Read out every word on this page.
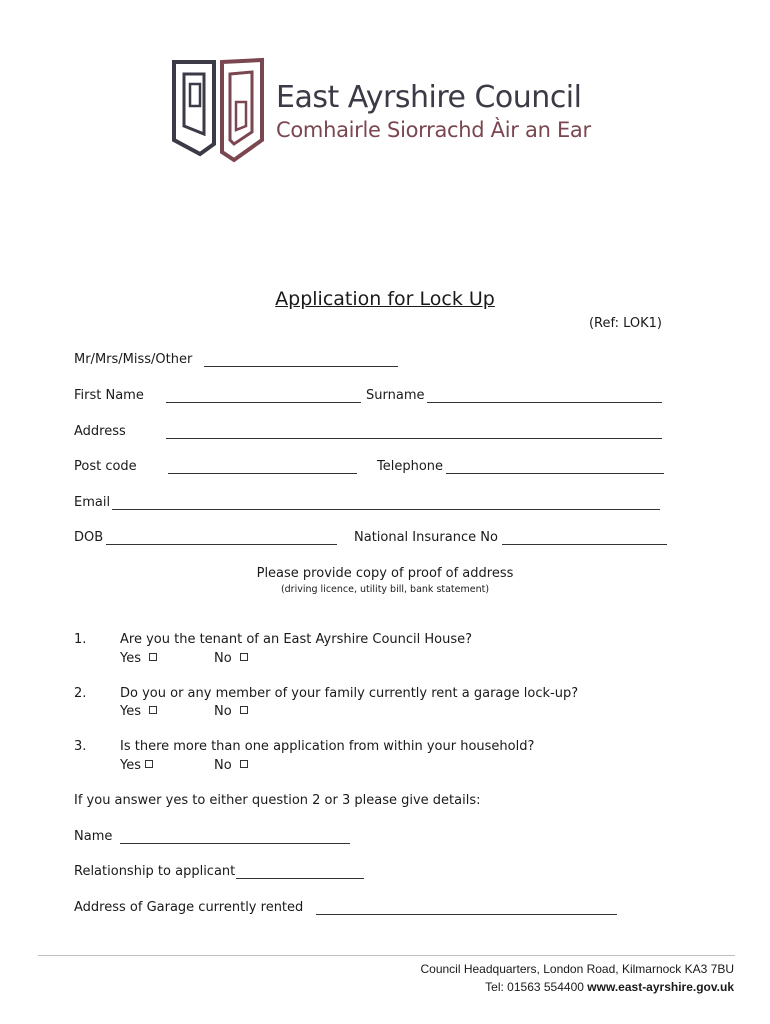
East Ayrshire Council
Comhairle Siorrachd Àir an Ear
Application for Lock Up
(Ref: LOK1)
Mr/Mrs/Miss/Other
First Name	Surname
Address
Post code	Telephone
Email
DOB	National Insurance No
Please provide copy of proof of address
(driving licence, utility bill, bank statement)
1.	Are you the tenant of an East Ayrshire Council House?
Yes	No
2.	Do you or any member of your family currently rent a garage lock-up?
Yes	No
3.	Is there more than one application from within your household?
Yes	No
If you answer yes to either question 2 or 3 please give details:
Name
Relationship to applicant
Address of Garage currently rented
Council Headquarters, London Road, Kilmarnock KA3 7BU
Tel: 01563 554400 www.east-ayrshire.gov.uk
